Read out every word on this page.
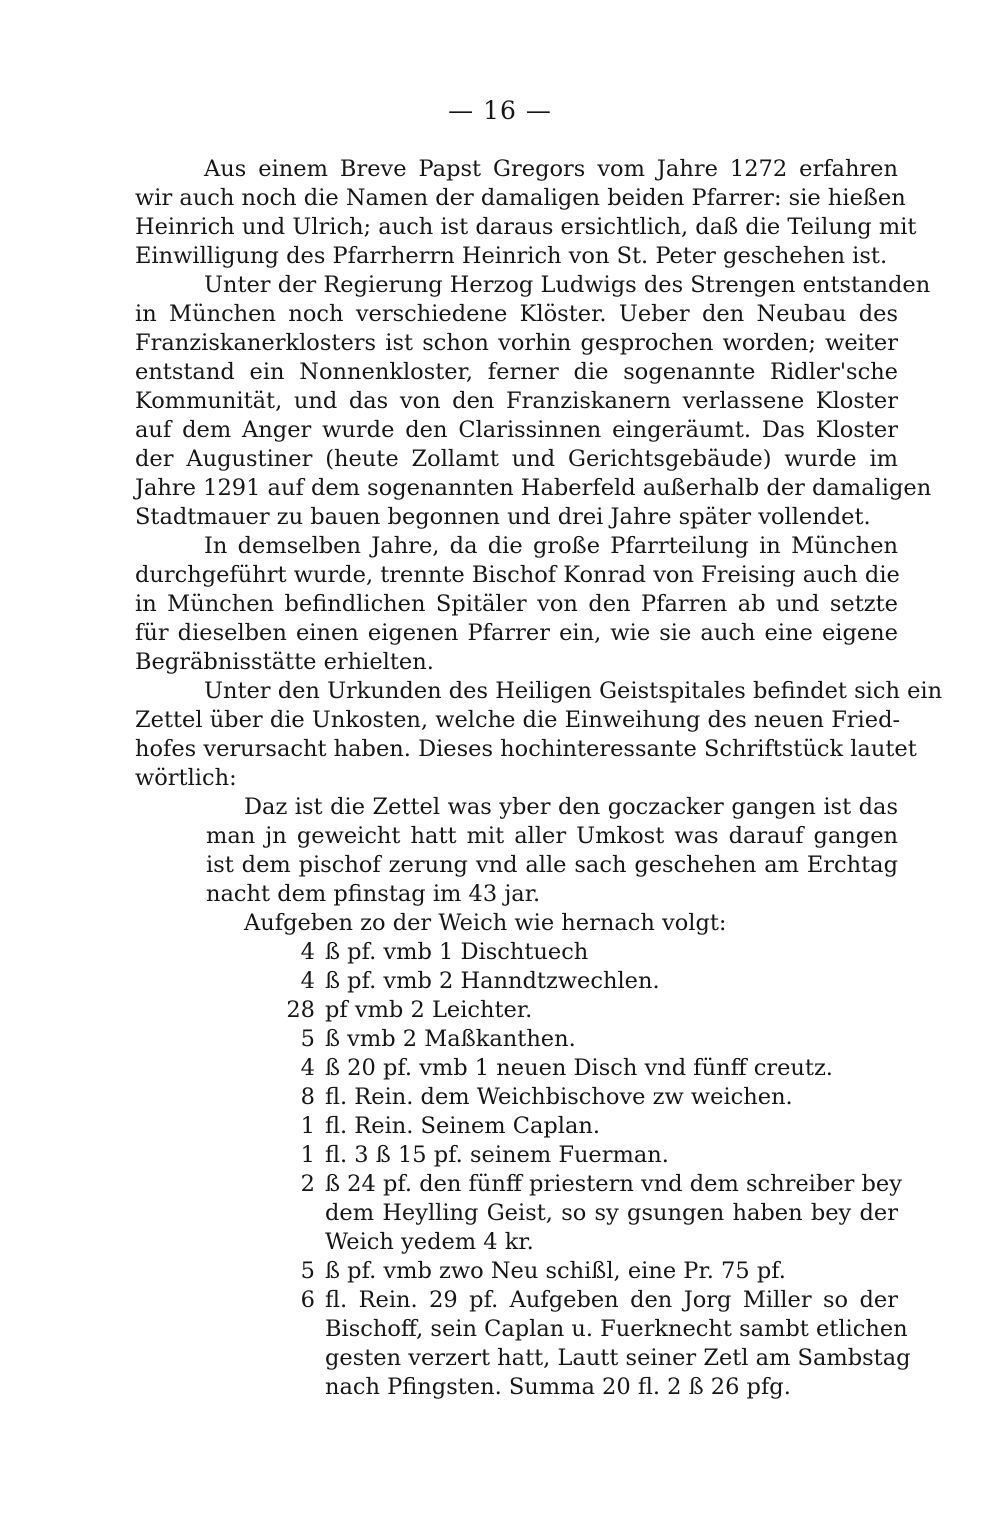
— 16 —
Aus einem Breve Papst Gregors vom Jahre 1272 erfahren
wir auch noch die Namen der damaligen beiden Pfarrer: sie hießen
Heinrich und Ulrich; auch ist daraus ersichtlich, daß die Teilung mit
Einwilligung des Pfarrherrn Heinrich von St. Peter geschehen ist.
Unter der Regierung Herzog Ludwigs des Strengen entstanden
in München noch verschiedene Klöster. Ueber den Neubau des
Franziskanerklosters ist schon vorhin gesprochen worden; weiter
entstand ein Nonnenkloster, ferner die sogenannte Ridler'sche
Kommunität, und das von den Franziskanern verlassene Kloster
auf dem Anger wurde den Clarissinnen eingeräumt. Das Kloster
der Augustiner (heute Zollamt und Gerichtsgebäude) wurde im
Jahre 1291 auf dem sogenannten Haberfeld außerhalb der damaligen
Stadtmauer zu bauen begonnen und drei Jahre später vollendet.
In demselben Jahre, da die große Pfarrteilung in München
durchgeführt wurde, trennte Bischof Konrad von Freising auch die
in München befindlichen Spitäler von den Pfarren ab und setzte
für dieselben einen eigenen Pfarrer ein, wie sie auch eine eigene
Begräbnisstätte erhielten.
Unter den Urkunden des Heiligen Geistspitales befindet sich ein
Zettel über die Unkosten, welche die Einweihung des neuen Fried-
hofes verursacht haben. Dieses hochinteressante Schriftstück lautet
wörtlich:
Daz ist die Zettel was yber den goczacker gangen ist das
man jn geweicht hatt mit aller Umkost was darauf gangen
ist dem pischof zerung vnd alle sach geschehen am Erchtag
nacht dem pfinstag im 43 jar.
Aufgeben zo der Weich wie hernach volgt:
4 ß pf. vmb 1 Dischtuech
4 ß pf. vmb 2 Hanndtzwechlen.
28 pf vmb 2 Leichter.
5 ß vmb 2 Maßkanthen.
4 ß 20 pf. vmb 1 neuen Disch vnd fünff creutz.
8 fl. Rein. dem Weichbischove zw weichen.
1 fl. Rein. Seinem Caplan.
1 fl. 3 ß 15 pf. seinem Fuerman.
2 ß 24 pf. den fünff priestern vnd dem schreiber bey
dem Heylling Geist, so sy gsungen haben bey der
Weich yedem 4 kr.
5 ß pf. vmb zwo Neu schißl, eine Pr. 75 pf.
6 fl. Rein. 29 pf. Aufgeben den Jorg Miller so der
Bischoff, sein Caplan u. Fuerknecht sambt etlichen
gesten verzert hatt, Lautt seiner Zetl am Sambstag
nach Pfingsten. Summa 20 fl. 2 ß 26 pfg.
